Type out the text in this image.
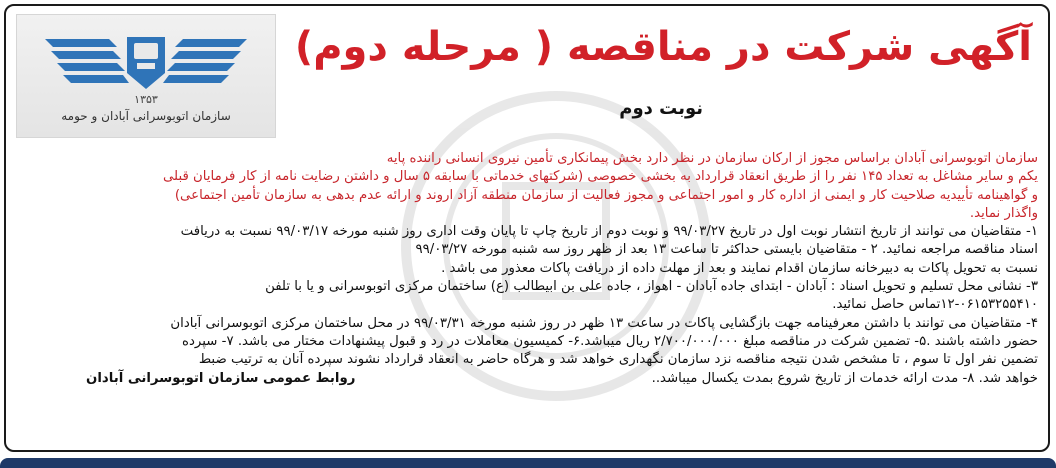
۱۳۵۳
سازمان اتوبوسرانی آبادان و حومه
آگهی شرکت در مناقصه ( مرحله دوم)
نوبت دوم

سازمان اتوبوسرانی آبادان براساس مجوز از ارکان سازمان در نظر دارد بخش پیمانکاری تأمین نیروی انسانی راننده پایه

یکم و سایر مشاغل به تعداد ۱۴۵ نفر را از طریق انعقاد قرارداد به بخشی خصوصی (شرکتهای خدماتی با سابقه ۵ سال و داشتن رضایت نامه از کار فرمایان قبلی

و گواهینامه تأییدیه صلاحیت کار و ایمنی از اداره کار و امور اجتماعی و مجوز فعالیت از سازمان منطقه آزاد اروند و ارائه عدم بدهی به سازمان تأمین اجتماعی)

واگذار نماید.

۱- متقاضیان می توانند از تاریخ انتشار نوبت اول در تاریخ ۹۹/۰۳/۲۷ و نوبت دوم از تاریخ چاپ تا پایان وقت اداری روز شنبه مورخه ۹۹/۰۳/۱۷ نسبت به دریافت

اسناد مناقصه مراجعه نمائید. ۲ - متقاضیان بایستی حداکثر تا ساعت ۱۳ بعد از ظهر روز سه شنبه مورخه ۹۹/۰۳/۲۷

نسبت به تحویل پاکات به دبیرخانه سازمان اقدام نمایند و بعد از مهلت داده از دریافت پاکات معذور می باشد .

۳- نشانی محل تسلیم و تحویل اسناد : آبادان - ابتدای جاده آبادان - اهواز ، جاده علی بن ابیطالب (ع) ساختمان مرکزی اتوبوسرانی و یا با تلفن

۱۲-۰۶۱۵۳۲۵۵۴۱۰تماس حاصل نمائید.

۴- متقاضیان می توانند با داشتن معرفینامه جهت بازگشایی پاکات در ساعت ۱۳ ظهر در روز شنبه مورخه ۹۹/۰۳/۳۱ در محل ساختمان مرکزی اتوبوسرانی آبادان

حضور داشته باشند .۵- تضمین شرکت در مناقصه مبلغ ۲/۷۰۰/۰۰۰/۰۰۰ ریال میباشد.۶- کمیسیون معاملات در رد و قبول پیشنهادات مختار می باشد. ۷- سپرده

تضمین نفر اول تا سوم ، تا مشخص شدن نتیجه مناقصه نزد سازمان نگهداری خواهد شد و هرگاه حاضر به انعقاد قرارداد نشوند سپرده آنان به ترتیب ضبط

خواهد شد. ۸- مدت ارائه خدمات از تاریخ شروع بمدت یکسال میباشد..
روابط عمومی سازمان اتوبوسرانی آبادان
